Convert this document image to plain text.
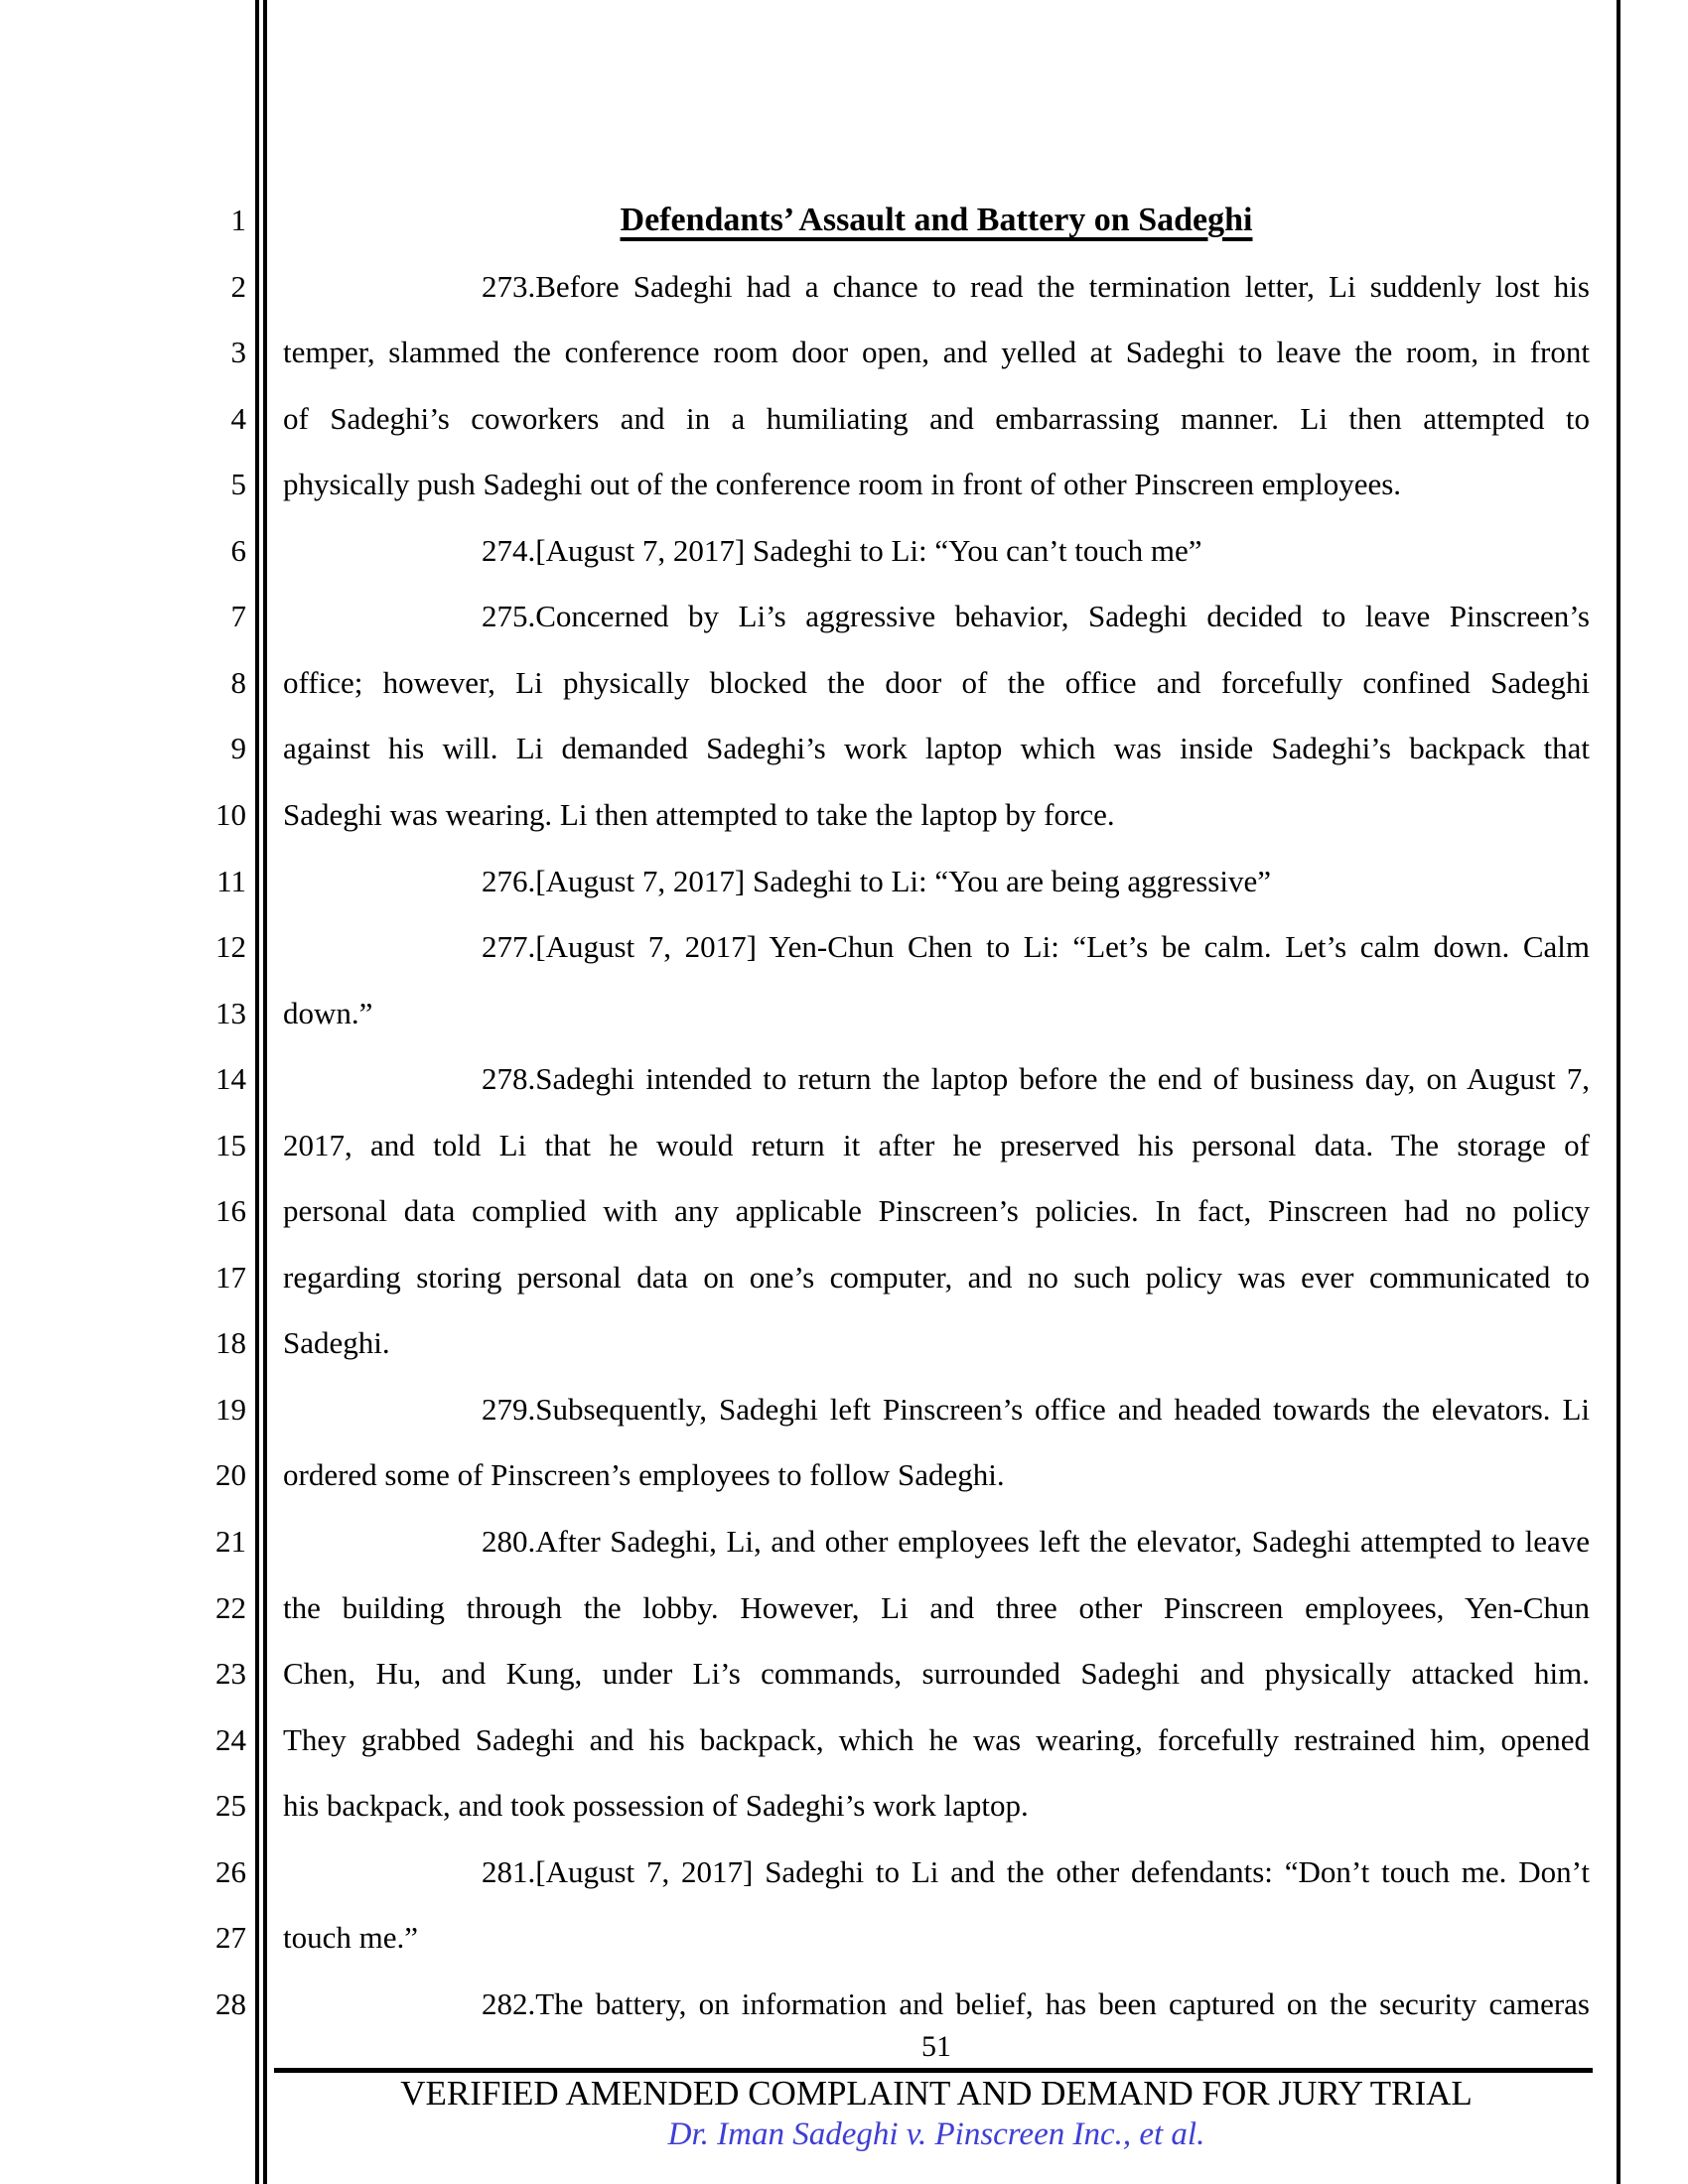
1	Defendants’ Assault and Battery on Sadeghi
2	273.Before Sadeghi had a chance to read the termination letter, Li suddenly lost his
3 temper, slammed the conference room door open, and yelled at Sadeghi to leave the room, in front
4 of Sadeghi’s coworkers and in a humiliating and embarrassing manner. Li then attempted to
5 physically push Sadeghi out of the conference room in front of other Pinscreen employees.
6	274.[August 7, 2017] Sadeghi to Li: “You can’t touch me”
7	275.Concerned by Li’s aggressive behavior, Sadeghi decided to leave Pinscreen’s
8 office; however, Li physically blocked the door of the office and forcefully confined Sadeghi
9 against his will. Li demanded Sadeghi’s work laptop which was inside Sadeghi’s backpack that
10 Sadeghi was wearing. Li then attempted to take the laptop by force.
11	276.[August 7, 2017] Sadeghi to Li: “You are being aggressive”
12	277.[August 7, 2017] Yen-Chun Chen to Li: “Let’s be calm. Let’s calm down. Calm
13 down.”
14	278.Sadeghi intended to return the laptop before the end of business day, on August 7,
15 2017, and told Li that he would return it after he preserved his personal data. The storage of
16 personal data complied with any applicable Pinscreen’s policies. In fact, Pinscreen had no policy
17 regarding storing personal data on one’s computer, and no such policy was ever communicated to
18 Sadeghi.
19	279.Subsequently, Sadeghi left Pinscreen’s office and headed towards the elevators. Li
20 ordered some of Pinscreen’s employees to follow Sadeghi.
21	280.After Sadeghi, Li, and other employees left the elevator, Sadeghi attempted to leave
22 the building through the lobby. However, Li and three other Pinscreen employees, Yen-Chun
23 Chen, Hu, and Kung, under Li’s commands, surrounded Sadeghi and physically attacked him.
24 They grabbed Sadeghi and his backpack, which he was wearing, forcefully restrained him, opened
25 his backpack, and took possession of Sadeghi’s work laptop.
26	281.[August 7, 2017] Sadeghi to Li and the other defendants: “Don’t touch me. Don’t
27 touch me.”
28	282.The battery, on information and belief, has been captured on the security cameras
51
VERIFIED AMENDED COMPLAINT AND DEMAND FOR JURY TRIAL
Dr. Iman Sadeghi v. Pinscreen Inc., et al.
